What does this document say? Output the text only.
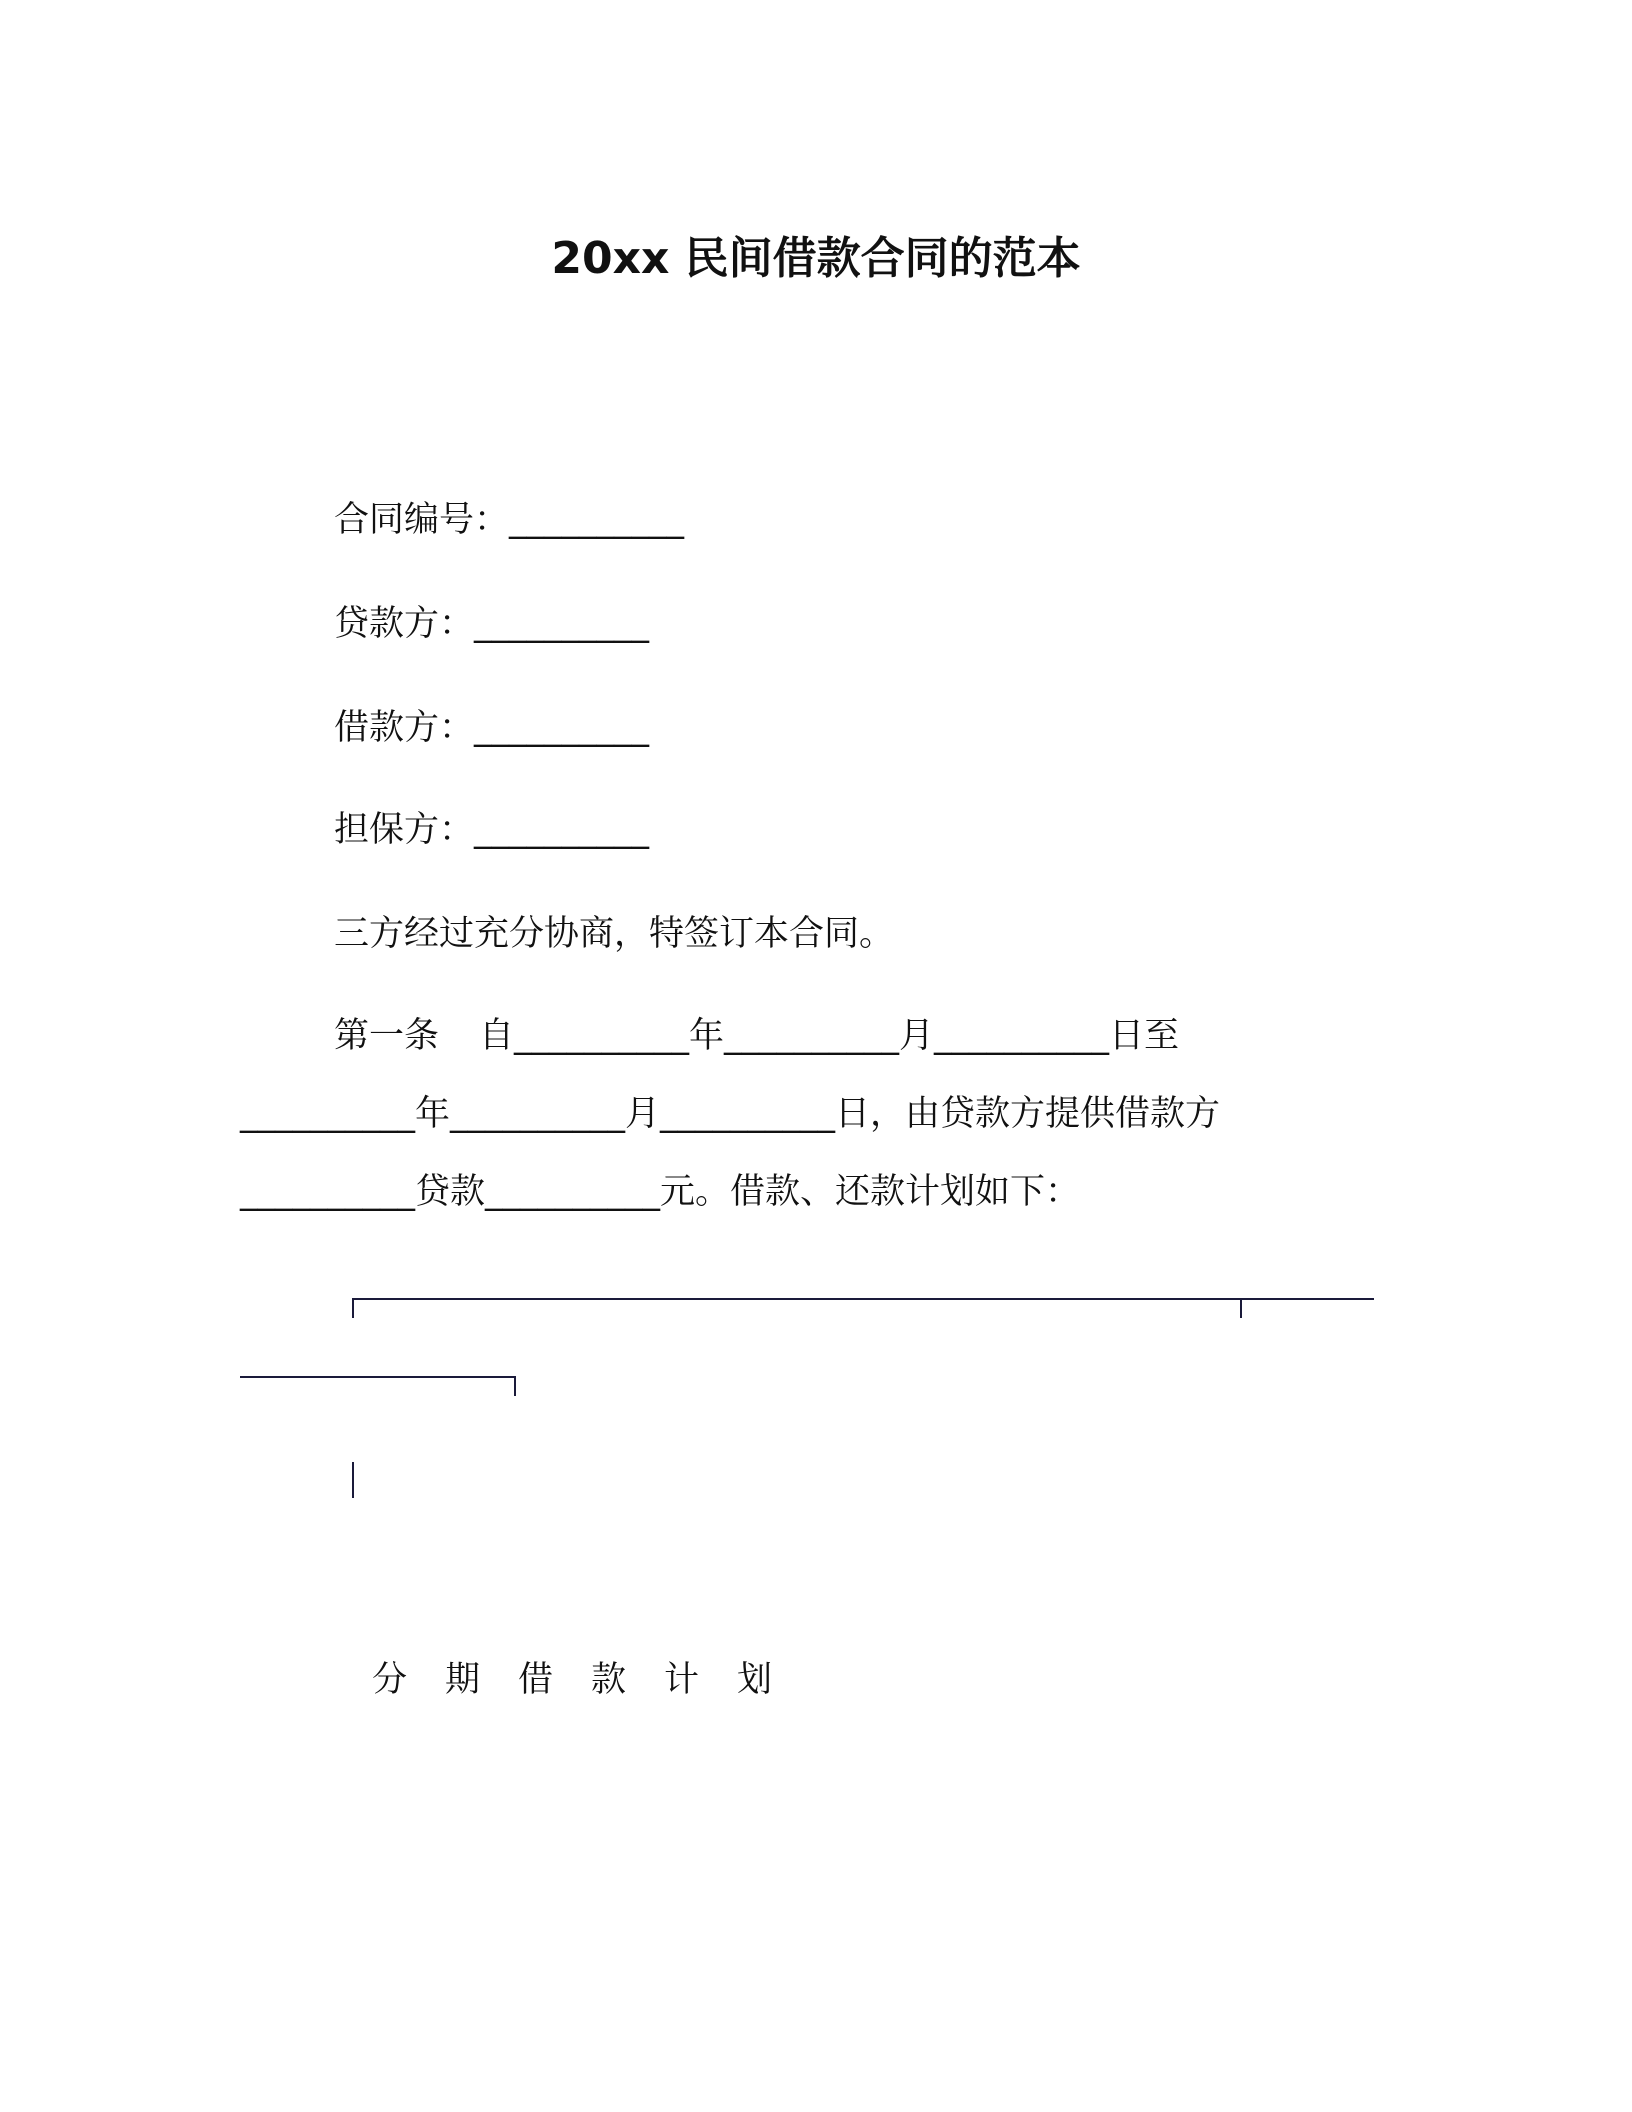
20xx 民间借款合同的范本
合同编号：__________
贷款方：__________
借款方：__________
担保方：__________
三方经过充分协商，特签订本合同。
第一条 自__________年__________月__________日至
__________年__________月__________日，由贷款方提供借款方
__________贷款__________元。借款、还款计划如下：
分期借款计划
